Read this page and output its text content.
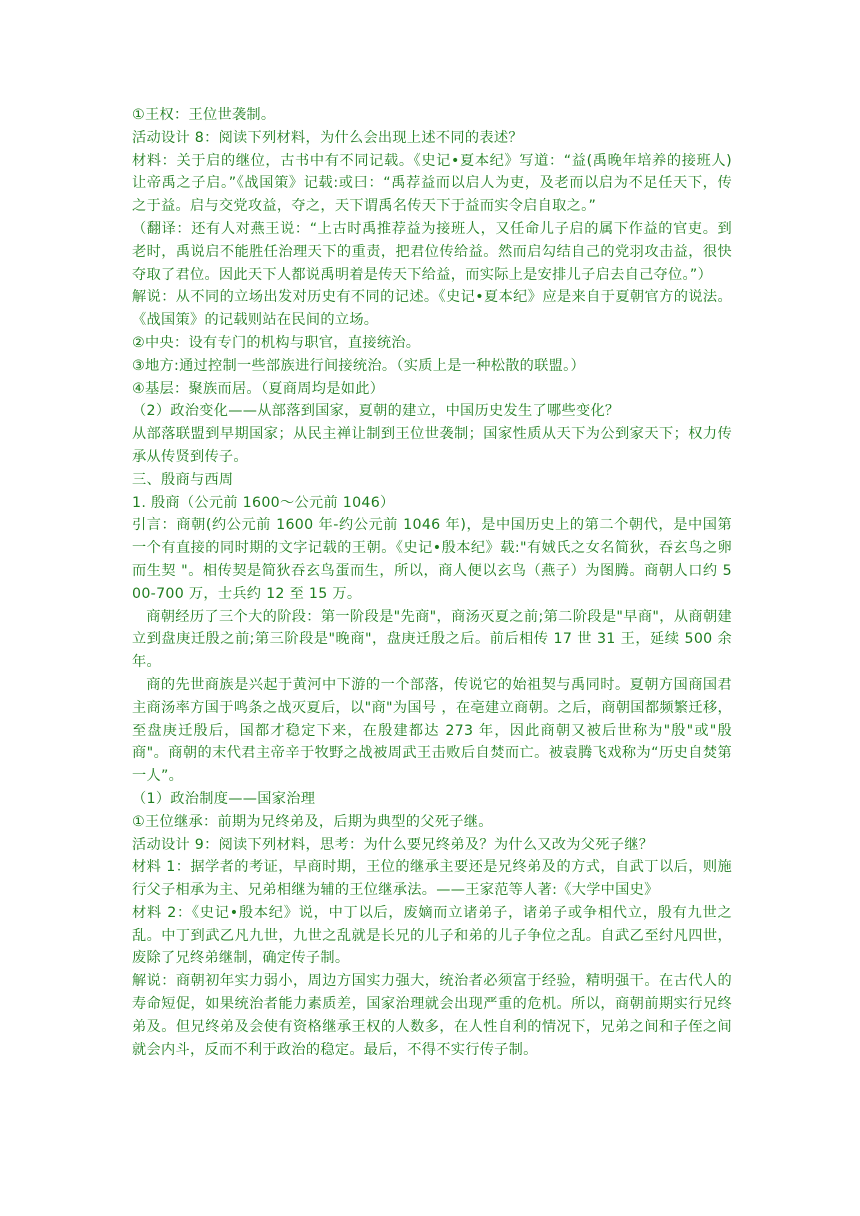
①王权：王位世袭制。

活动设计 8：阅读下列材料，为什么会出现上述不同的表述？

材料：关于启的继位，古书中有不同记载。《史记•夏本纪》写道：“益(禹晚年培养的接班人)让帝禹之子启。”《战国策》记载:或曰：“禹荐益而以启人为吏，及老而以启为不足任天下，传之于益。启与交党攻益，夺之，天下谓禹名传天下于益而实令启自取之。”

（翻译：还有人对燕王说：“上古时禹推荐益为接班人，又任命儿子启的属下作益的官吏。到老时，禹说启不能胜任治理天下的重责，把君位传给益。然而启勾结自己的党羽攻击益，很快夺取了君位。因此天下人都说禹明着是传天下给益，而实际上是安排儿子启去自己夺位。”）

解说：从不同的立场出发对历史有不同的记述。《史记•夏本纪》应是来自于夏朝官方的说法。《战国策》的记载则站在民间的立场。

②中央：设有专门的机构与职官，直接统治。

③地方:通过控制一些部族进行间接统治。（实质上是一种松散的联盟。）

④基层：聚族而居。（夏商周均是如此）

（2）政治变化——从部落到国家，夏朝的建立，中国历史发生了哪些变化？

从部落联盟到早期国家；从民主禅让制到王位世袭制；国家性质从天下为公到家天下；权力传承从传贤到传子。

三、殷商与西周

1. 殷商（公元前 1600～公元前 1046）

引言：商朝(约公元前 1600 年-约公元前 1046 年)，是中国历史上的第二个朝代，是中国第一个有直接的同时期的文字记载的王朝。《史记•殷本纪》载:"有娀氏之女名简狄，吞玄鸟之卵而生契 "。相传契是简狄吞玄鸟蛋而生，所以，商人便以玄鸟（燕子）为图腾。商朝人口约 500-700 万，士兵约 12 至 15 万。

商朝经历了三个大的阶段：第一阶段是"先商"，商汤灭夏之前;第二阶段是"早商"，从商朝建立到盘庚迁殷之前;第三阶段是"晚商"，盘庚迁殷之后。前后相传 17 世 31 王，延续 500 余年。

商的先世商族是兴起于黄河中下游的一个部落，传说它的始祖契与禹同时。夏朝方国商国君主商汤率方国于鸣条之战灭夏后，以"商"为国号 ，在亳建立商朝。之后，商朝国都频繁迁移，至盘庚迁殷后，国都才稳定下来，在殷建都达 273 年，因此商朝又被后世称为"殷"或"殷商"。商朝的末代君主帝辛于牧野之战被周武王击败后自焚而亡。被袁腾飞戏称为“历史自焚第一人”。

（1）政治制度——国家治理

①王位继承：前期为兄终弟及，后期为典型的父死子继。

活动设计 9：阅读下列材料，思考：为什么要兄终弟及？为什么又改为父死子继？

材料 1：据学者的考证，早商时期，王位的继承主要还是兄终弟及的方式，自武丁以后，则施行父子相承为主、兄弟相继为辅的王位继承法。——王家范等人著:《大学中国史》

材料 2：《史记•殷本纪》说，中丁以后，废嫡而立诸弟子，诸弟子或争相代立，殷有九世之乱。中丁到武乙凡九世，九世之乱就是长兄的儿子和弟的儿子争位之乱。自武乙至纣凡四世，废除了兄终弟继制，确定传子制。

解说：商朝初年实力弱小，周边方国实力强大，统治者必须富于经验，精明强干。在古代人的寿命短促，如果统治者能力素质差，国家治理就会出现严重的危机。所以，商朝前期实行兄终弟及。但兄终弟及会使有资格继承王权的人数多，在人性自利的情况下，兄弟之间和子侄之间就会内斗，反而不利于政治的稳定。最后，不得不实行传子制。
